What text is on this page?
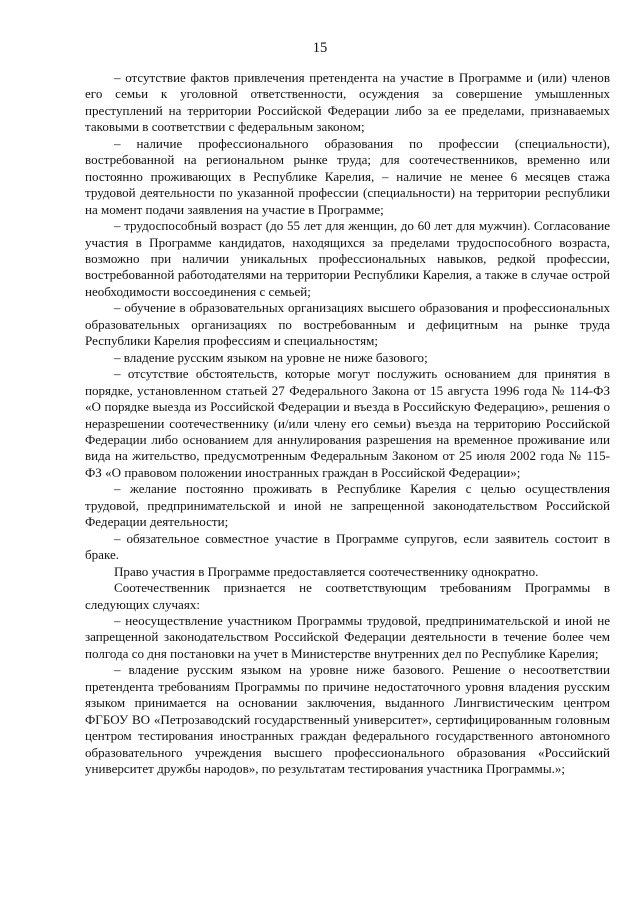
15

– отсутствие фактов привлечения претендента на участие в Программе и (или) членов его семьи к уголовной ответственности, осуждения за совершение умышленных преступлений на территории Российской Федерации либо за ее пределами, признаваемых таковыми в соответствии с федеральным законом;

– наличие профессионального образования по профессии (специальности), востребованной на региональном рынке труда; для соотечественников, временно или постоянно проживающих в Республике Карелия, – наличие не менее 6 месяцев стажа трудовой деятельности по указанной профессии (специальности) на территории республики на момент подачи заявления на участие в Программе;

– трудоспособный возраст (до 55 лет для женщин, до 60 лет для мужчин). Согласование участия в Программе кандидатов, находящихся за пределами трудоспособного возраста, возможно при наличии уникальных профессиональных навыков, редкой профессии, востребованной работодателями на территории Республики Карелия, а также в случае острой необходимости воссоединения с семьей;

– обучение в образовательных организациях высшего образования и профессиональных образовательных организациях по востребованным и дефицитным на рынке труда Республики Карелия профессиям и специальностям;

– владение русским языком на уровне не ниже базового;

– отсутствие обстоятельств, которые могут послужить основанием для принятия в порядке, установленном статьей 27 Федерального Закона от 15 августа 1996 года № 114-ФЗ «О порядке выезда из Российской Федерации и въезда в Российскую Федерацию», решения о неразрешении соотечественнику (и/или члену его семьи) въезда на территорию Российской Федерации либо основанием для аннулирования разрешения на временное проживание или вида на жительство, предусмотренным Федеральным Законом от 25 июля 2002 года № 115-ФЗ «О правовом положении иностранных граждан в Российской Федерации»;

– желание постоянно проживать в Республике Карелия с целью осуществления трудовой, предпринимательской и иной не запрещенной законодательством Российской Федерации деятельности;

– обязательное совместное участие в Программе супругов, если заявитель состоит в браке.

Право участия в Программе предоставляется соотечественнику однократно.

Соотечественник признается не соответствующим требованиям Программы в следующих случаях:

– неосуществление участником Программы трудовой, предпринимательской и иной не запрещенной законодательством Российской Федерации деятельности в течение более чем полгода со дня постановки на учет в Министерстве внутренних дел по Республике Карелия;

– владение русским языком на уровне ниже базового. Решение о несоответствии претендента требованиям Программы по причине недостаточного уровня владения русским языком принимается на основании заключения, выданного Лингвистическим центром ФГБОУ ВО «Петрозаводский государственный университет», сертифицированным головным центром тестирования иностранных граждан федерального государственного автономного образовательного учреждения высшего профессионального образования «Российский университет дружбы народов», по результатам тестирования участника Программы.»;
